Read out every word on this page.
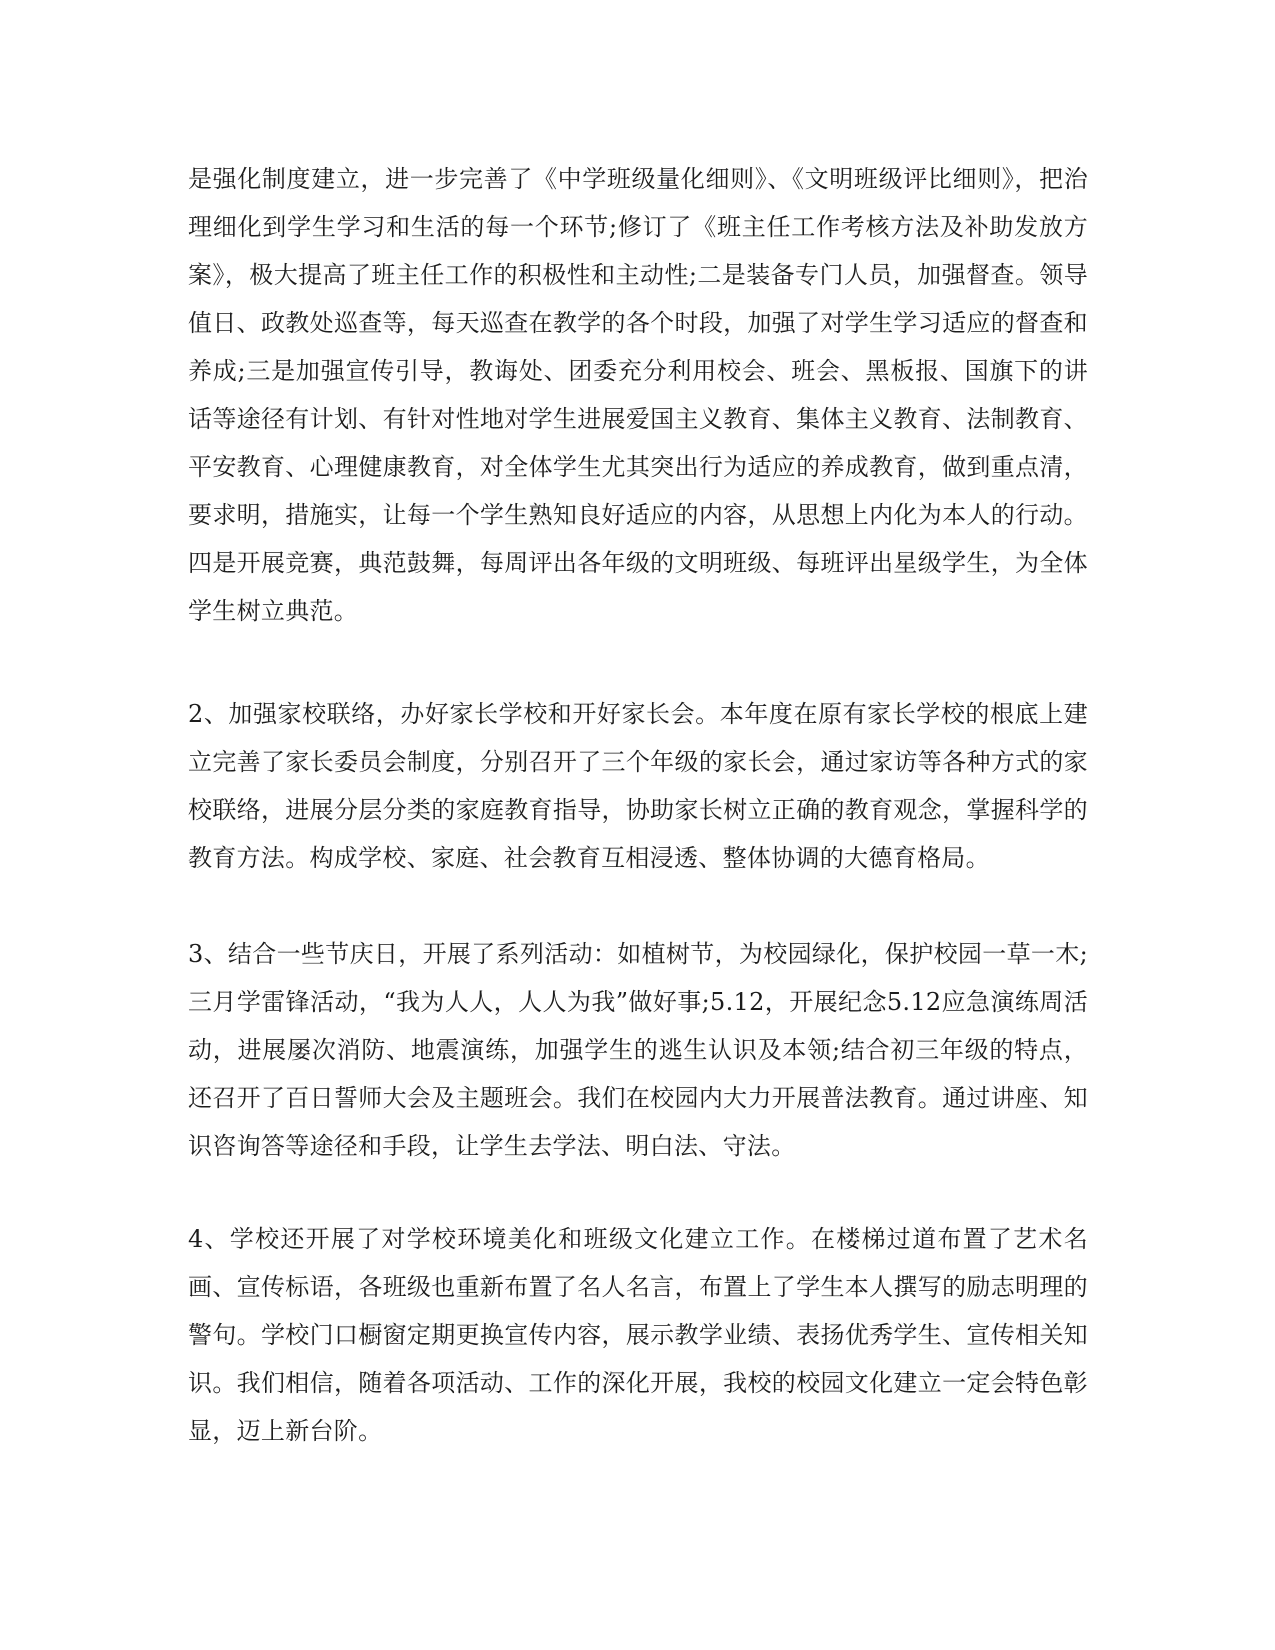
是强化制度建立，进一步完善了《中学班级量化细则》、《文明班级评比细则》，把治理细化到学生学习和生活的每一个环节;修订了《班主任工作考核方法及补助发放方案》，极大提高了班主任工作的积极性和主动性;二是装备专门人员，加强督查。领导值日、政教处巡查等，每天巡查在教学的各个时段，加强了对学生学习适应的督查和养成;三是加强宣传引导，教诲处、团委充分利用校会、班会、黑板报、国旗下的讲话等途径有计划、有针对性地对学生进展爱国主义教育、集体主义教育、法制教育、平安教育、心理健康教育，对全体学生尤其突出行为适应的养成教育，做到重点清，要求明，措施实，让每一个学生熟知良好适应的内容，从思想上内化为本人的行动。四是开展竞赛，典范鼓舞，每周评出各年级的文明班级、每班评出星级学生，为全体学生树立典范。

2、加强家校联络，办好家长学校和开好家长会。本年度在原有家长学校的根底上建立完善了家长委员会制度，分别召开了三个年级的家长会，通过家访等各种方式的家校联络，进展分层分类的家庭教育指导，协助家长树立正确的教育观念，掌握科学的教育方法。构成学校、家庭、社会教育互相浸透、整体协调的大德育格局。

3、结合一些节庆日，开展了系列活动：如植树节，为校园绿化，保护校园一草一木;三月学雷锋活动，“我为人人，人人为我”做好事;5.12，开展纪念5.12应急演练周活动，进展屡次消防、地震演练，加强学生的逃生认识及本领;结合初三年级的特点，还召开了百日誓师大会及主题班会。我们在校园内大力开展普法教育。通过讲座、知识咨询答等途径和手段，让学生去学法、明白法、守法。

4、学校还开展了对学校环境美化和班级文化建立工作。在楼梯过道布置了艺术名画、宣传标语，各班级也重新布置了名人名言，布置上了学生本人撰写的励志明理的警句。学校门口橱窗定期更换宣传内容，展示教学业绩、表扬优秀学生、宣传相关知识。我们相信，随着各项活动、工作的深化开展，我校的校园文化建立一定会特色彰显，迈上新台阶。
